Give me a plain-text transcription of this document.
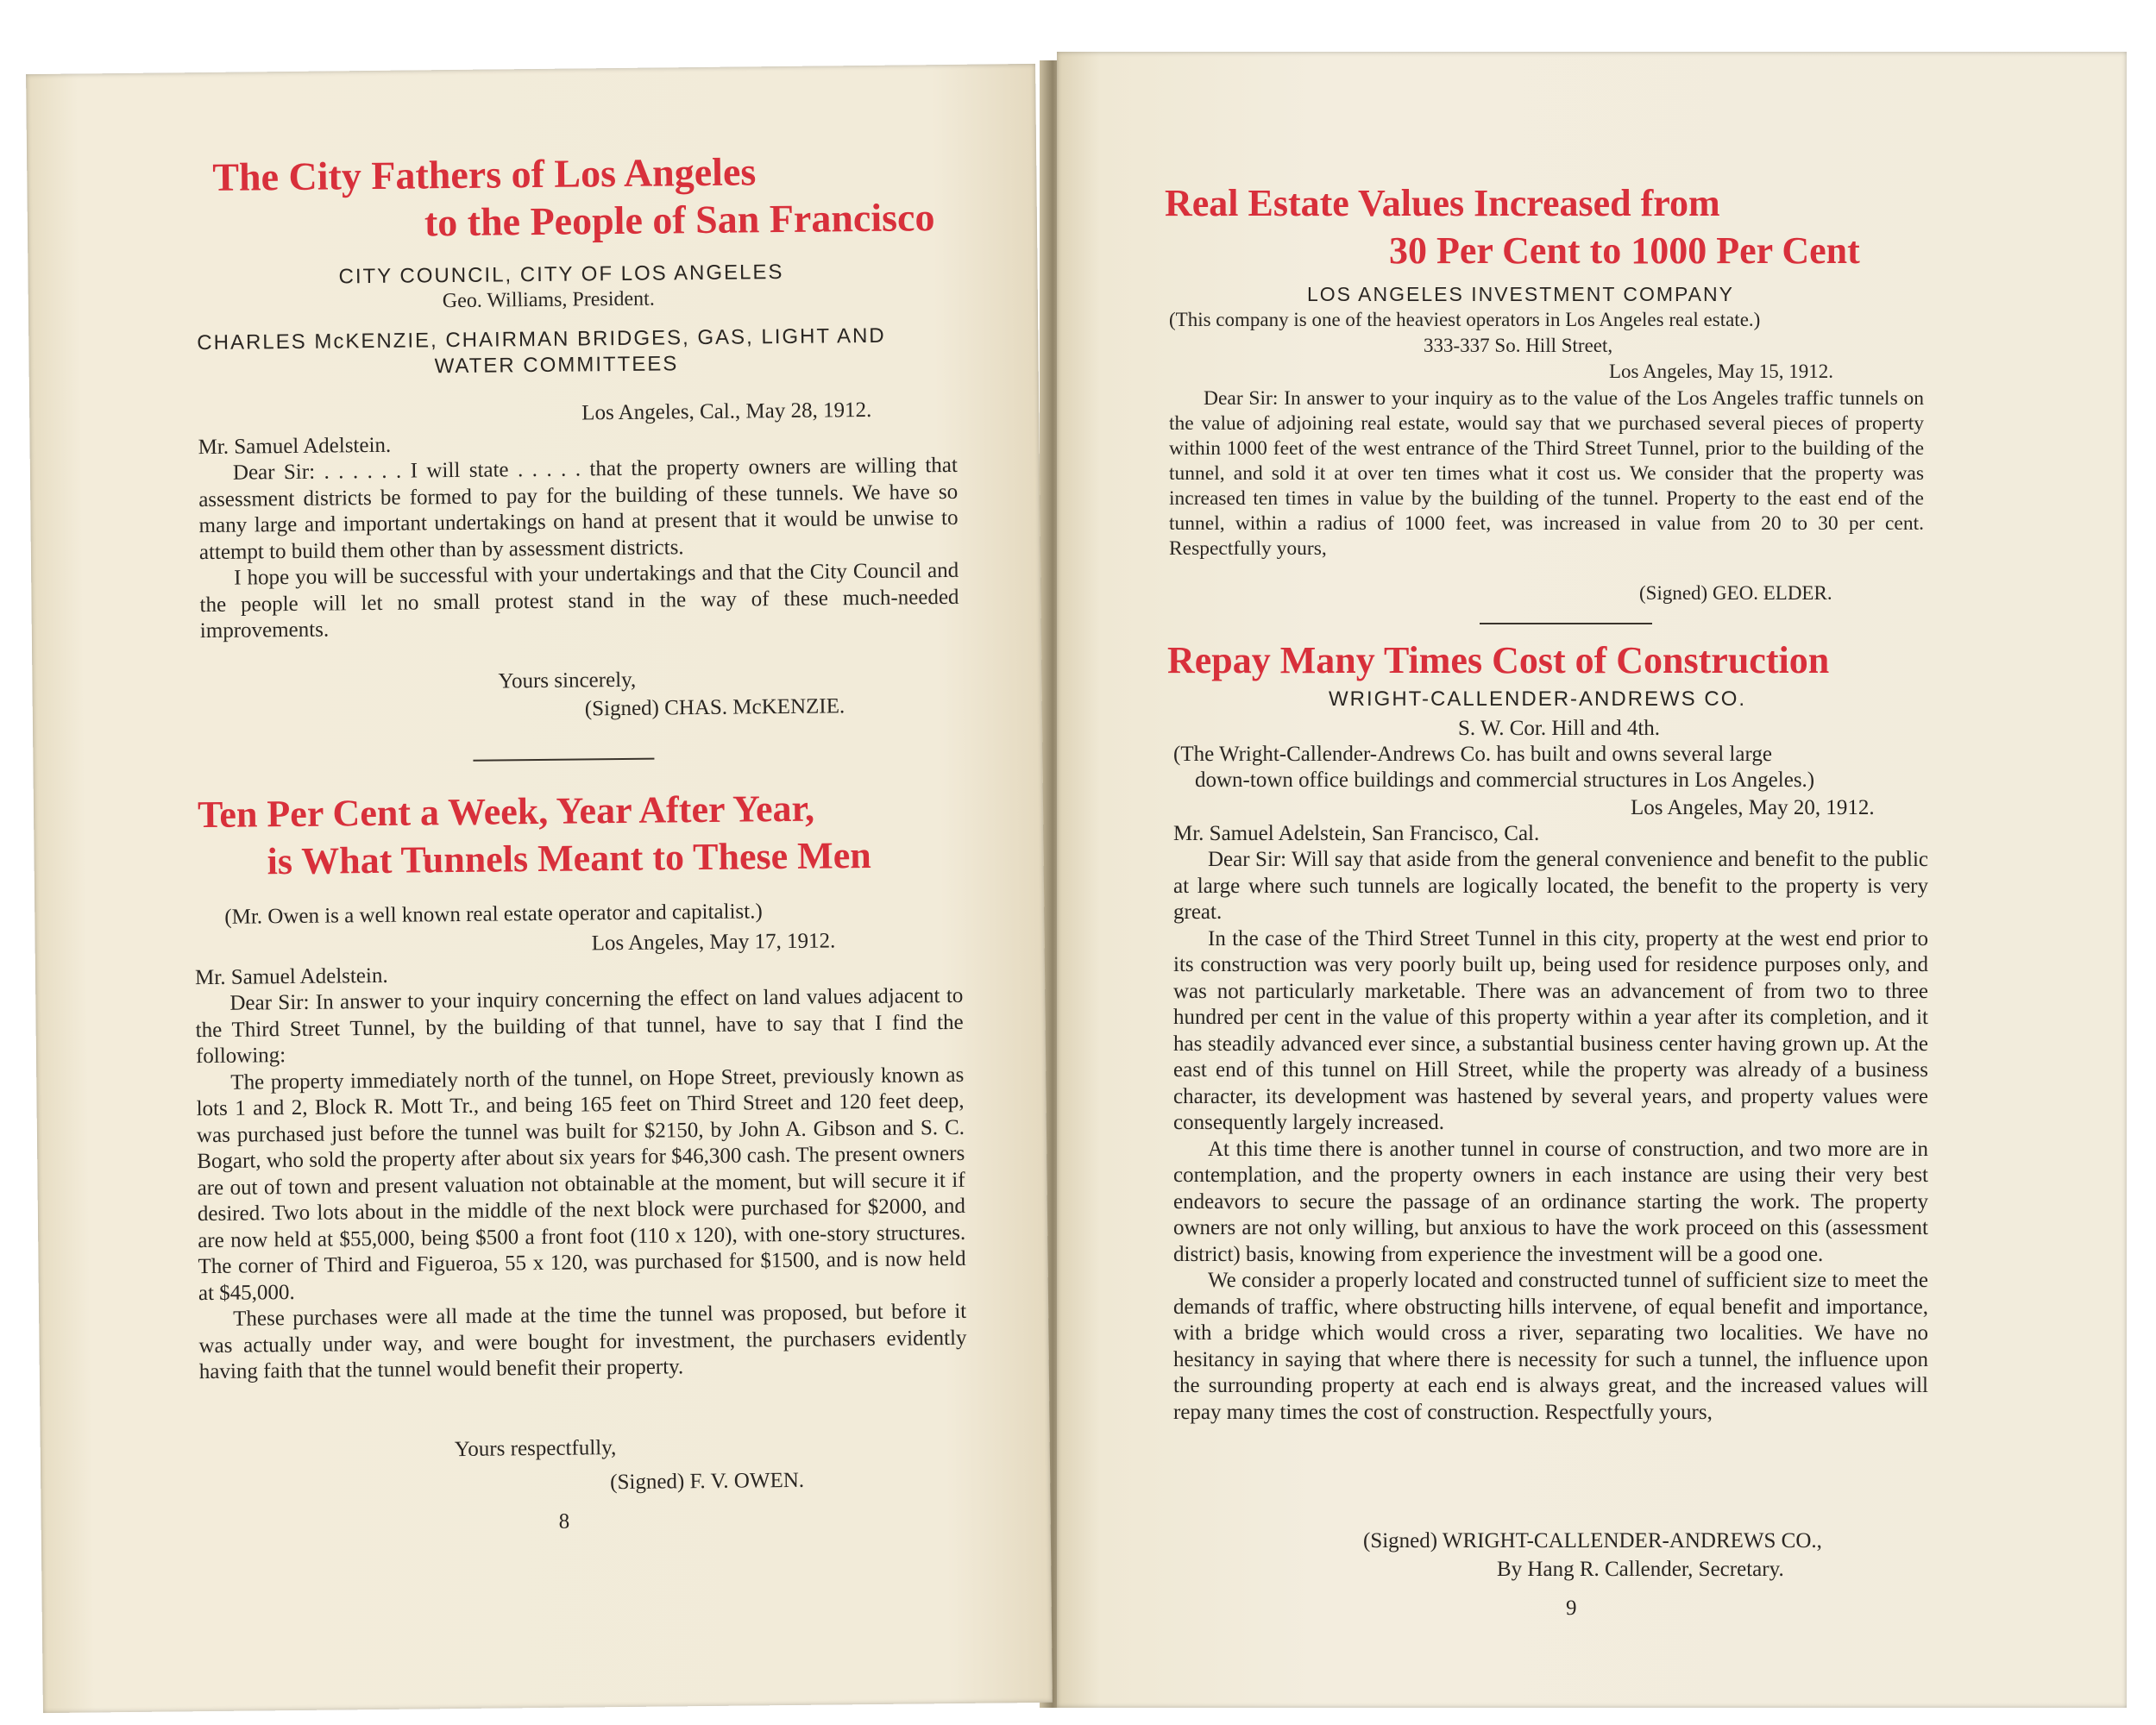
The City Fathers of Los Angeles
to the People of San Francisco
CITY COUNCIL, CITY OF LOS ANGELES
Geo. Williams, President.
CHARLES McKENZIE, CHAIRMAN BRIDGES, GAS, LIGHT AND
WATER COMMITTEES
Los Angeles, Cal., May 28, 1912.
Mr. Samuel Adelstein.

Dear Sir: . . . . . . I will state . . . . . that the property owners are willing that assessment districts be formed to pay for the building of these tunnels. We have so many large and important undertakings on hand at present that it would be unwise to attempt to build them other than by assessment districts.

I hope you will be successful with your undertakings and that the City Council and the people will let no small protest stand in the way of these much-needed improvements.

Yours sincerely,
(Signed) CHAS. McKENZIE.
Ten Per Cent a Week, Year After Year,
is What Tunnels Meant to These Men
(Mr. Owen is a well known real estate operator and capitalist.)
Los Angeles, May 17, 1912.
Mr. Samuel Adelstein.

Dear Sir: In answer to your inquiry concerning the effect on land values adjacent to the Third Street Tunnel, by the building of that tunnel, have to say that I find the following:

The property immediately north of the tunnel, on Hope Street, previously known as lots 1 and 2, Block R. Mott Tr., and being 165 feet on Third Street and 120 feet deep, was purchased just before the tunnel was built for $2150, by John A. Gibson and S. C. Bogart, who sold the property after about six years for $46,300 cash. The present owners are out of town and present valuation not obtainable at the moment, but will secure it if desired. Two lots about in the middle of the next block were purchased for $2000, and are now held at $55,000, being $500 a front foot (110 x 120), with one-story structures. The corner of Third and Figueroa, 55 x 120, was purchased for $1500, and is now held at $45,000.

These purchases were all made at the time the tunnel was proposed, but before it was actually under way, and were bought for investment, the purchasers evidently having faith that the tunnel would benefit their property.

Yours respectfully,
(Signed) F. V. OWEN.
8
Real Estate Values Increased from
30 Per Cent to 1000 Per Cent
LOS ANGELES INVESTMENT COMPANY
(This company is one of the heaviest operators in Los Angeles real estate.)
333-337 So. Hill Street,
Los Angeles, May 15, 1912.

Dear Sir: In answer to your inquiry as to the value of the Los Angeles traffic tunnels on the value of adjoining real estate, would say that we purchased several pieces of property within 1000 feet of the west entrance of the Third Street Tunnel, prior to the building of the tunnel, and sold it at over ten times what it cost us. We consider that the property was increased ten times in value by the building of the tunnel. Property to the east end of the tunnel, within a radius of 1000 feet, was increased in value from 20 to 30 per cent. Respectfully yours,

(Signed) GEO. ELDER.
Repay Many Times Cost of Construction
WRIGHT-CALLENDER-ANDREWS CO.
S. W. Cor. Hill and 4th.
(The Wright-Callender-Andrews Co. has built and owns several large
down-town office buildings and commercial structures in Los Angeles.)
Los Angeles, May 20, 1912.
Mr. Samuel Adelstein, San Francisco, Cal.

Dear Sir: Will say that aside from the general convenience and benefit to the public at large where such tunnels are logically located, the benefit to the property is very great.

In the case of the Third Street Tunnel in this city, property at the west end prior to its construction was very poorly built up, being used for residence purposes only, and was not particularly marketable. There was an advancement of from two to three hundred per cent in the value of this property within a year after its completion, and it has steadily advanced ever since, a substantial business center having grown up. At the east end of this tunnel on Hill Street, while the property was already of a business character, its development was hastened by several years, and property values were consequently largely increased.

At this time there is another tunnel in course of construction, and two more are in contemplation, and the property owners in each instance are using their very best endeavors to secure the passage of an ordinance starting the work. The property owners are not only willing, but anxious to have the work proceed on this (assessment district) basis, knowing from experience the investment will be a good one.

We consider a properly located and constructed tunnel of sufficient size to meet the demands of traffic, where obstructing hills intervene, of equal benefit and importance, with a bridge which would cross a river, separating two localities. We have no hesitancy in saying that where there is necessity for such a tunnel, the influence upon the surrounding property at each end is always great, and the increased values will repay many times the cost of construction. Respectfully yours,

(Signed) WRIGHT-CALLENDER-ANDREWS CO.,
By Hang R. Callender, Secretary.
9
